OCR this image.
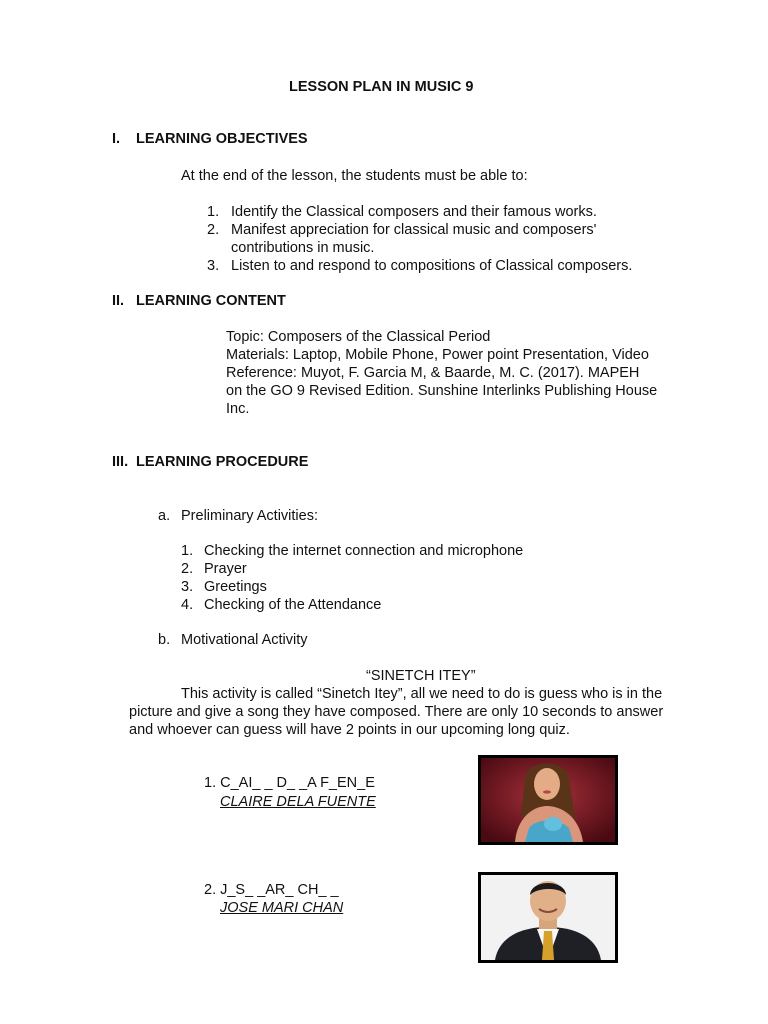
LESSON PLAN IN MUSIC 9
I. LEARNING OBJECTIVES
At the end of the lesson, the students must be able to:
1. Identify the Classical composers and their famous works.
2. Manifest appreciation for classical music and composers'
contributions in music.
3. Listen to and respond to compositions of Classical composers.
II. LEARNING CONTENT
Topic: Composers of the Classical Period
Materials: Laptop, Mobile Phone, Power point Presentation, Video
Reference: Muyot, F. Garcia M, & Baarde, M. C. (2017). MAPEH
on the GO 9 Revised Edition. Sunshine Interlinks Publishing House
Inc.
III. LEARNING PROCEDURE
a. Preliminary Activities:
1. Checking the internet connection and microphone
2. Prayer
3. Greetings
4. Checking of the Attendance
b. Motivational Activity
“SINETCH ITEY”
This activity is called “Sinetch Itey”, all we need to do is guess who is in the
picture and give a song they have composed. There are only 10 seconds to answer
and whoever can guess will have 2 points in our upcoming long quiz.
1. C_AI_ _ D_ _A F_EN_E
CLAIRE DELA FUENTE
2. J_S_ _AR_ CH_ _
JOSE MARI CHAN
